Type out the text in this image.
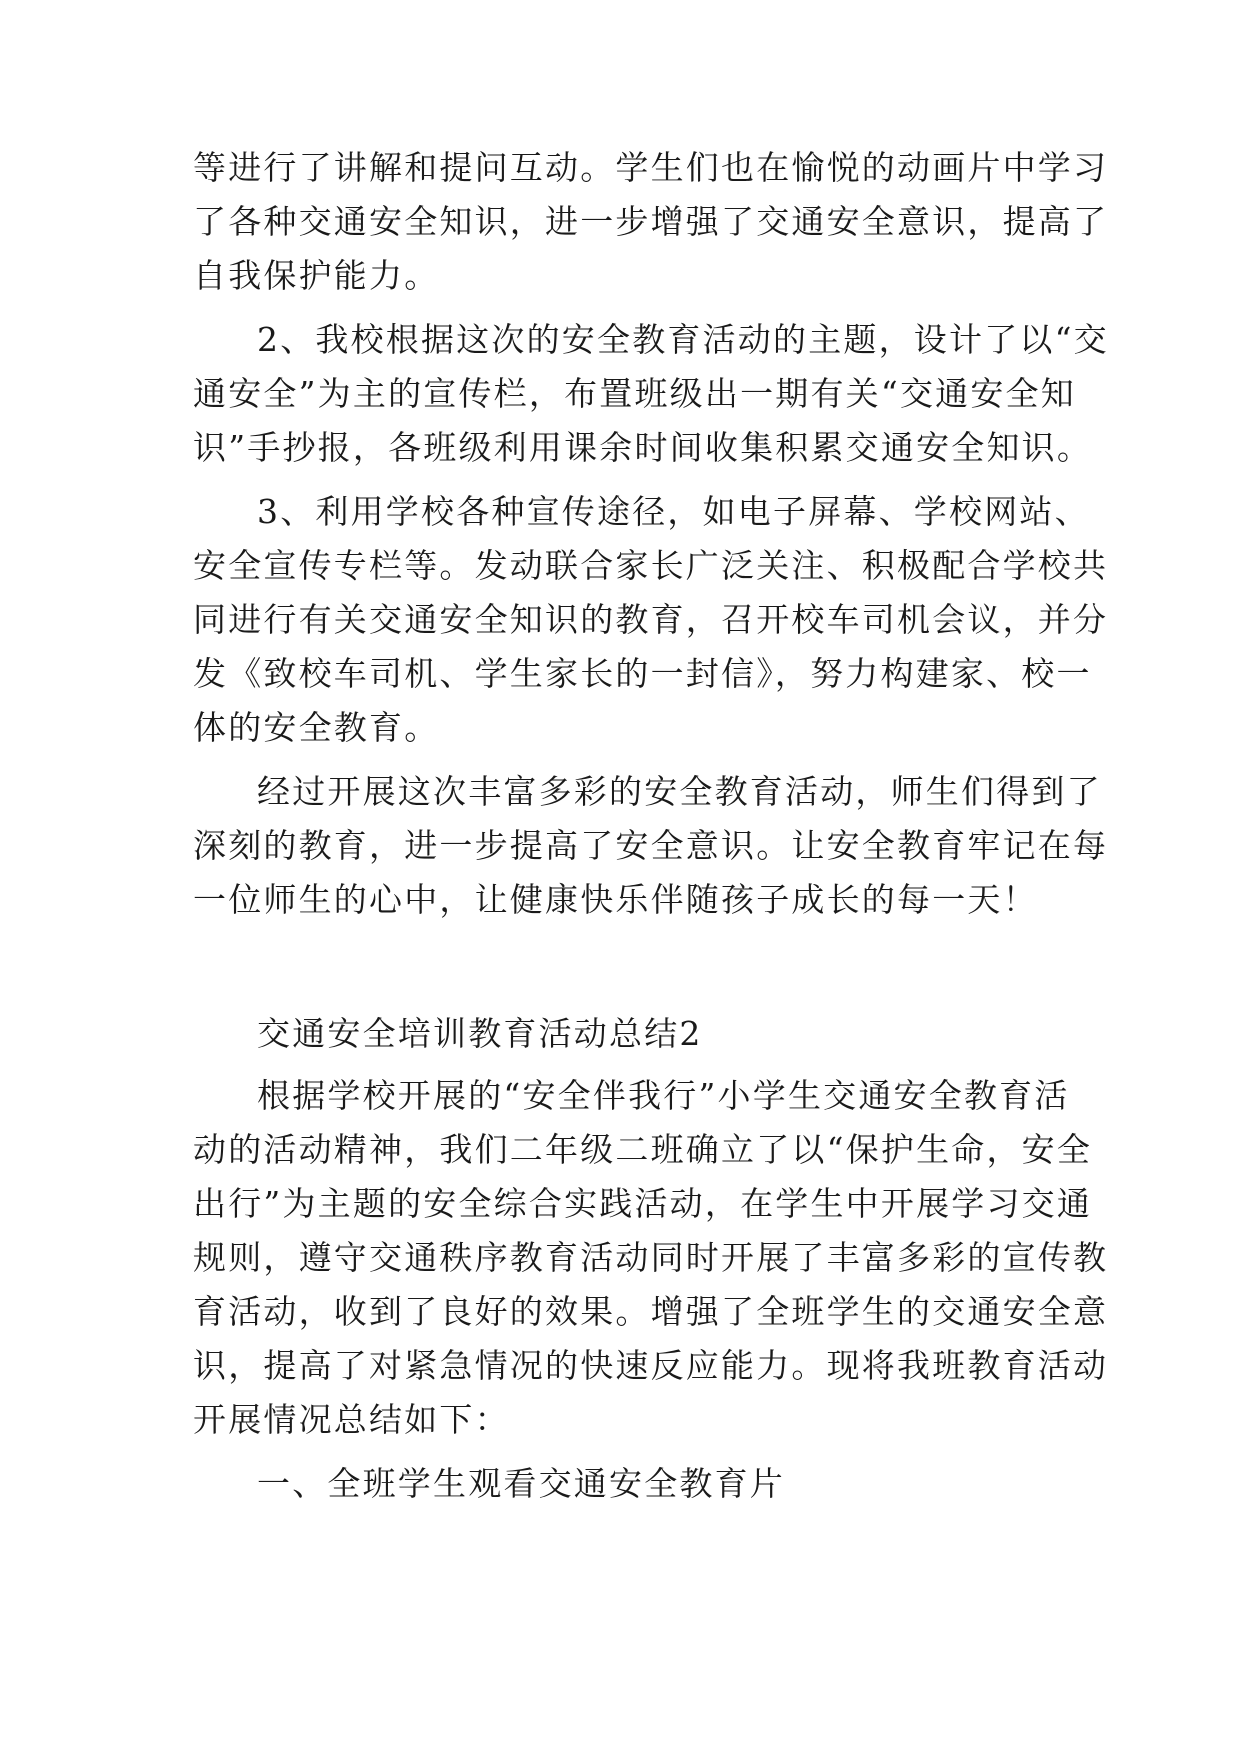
等进行了讲解和提问互动。学生们也在愉悦的动画片中学习
了各种交通安全知识，进一步增强了交通安全意识，提高了
自我保护能力。
2、我校根据这次的安全教育活动的主题，设计了以“交
通安全”为主的宣传栏，布置班级出一期有关“交通安全知
识”手抄报，各班级利用课余时间收集积累交通安全知识。
3、利用学校各种宣传途径，如电子屏幕、学校网站、
安全宣传专栏等。发动联合家长广泛关注、积极配合学校共
同进行有关交通安全知识的教育，召开校车司机会议，并分
发《致校车司机、学生家长的一封信》，努力构建家、校一
体的安全教育。
经过开展这次丰富多彩的安全教育活动，师生们得到了
深刻的教育，进一步提高了安全意识。让安全教育牢记在每
一位师生的心中，让健康快乐伴随孩子成长的每一天！
交通安全培训教育活动总结2
根据学校开展的“安全伴我行”小学生交通安全教育活
动的活动精神，我们二年级二班确立了以“保护生命，安全
出行”为主题的安全综合实践活动，在学生中开展学习交通
规则，遵守交通秩序教育活动同时开展了丰富多彩的宣传教
育活动，收到了良好的效果。增强了全班学生的交通安全意
识，提高了对紧急情况的快速反应能力。现将我班教育活动
开展情况总结如下：
一、全班学生观看交通安全教育片
